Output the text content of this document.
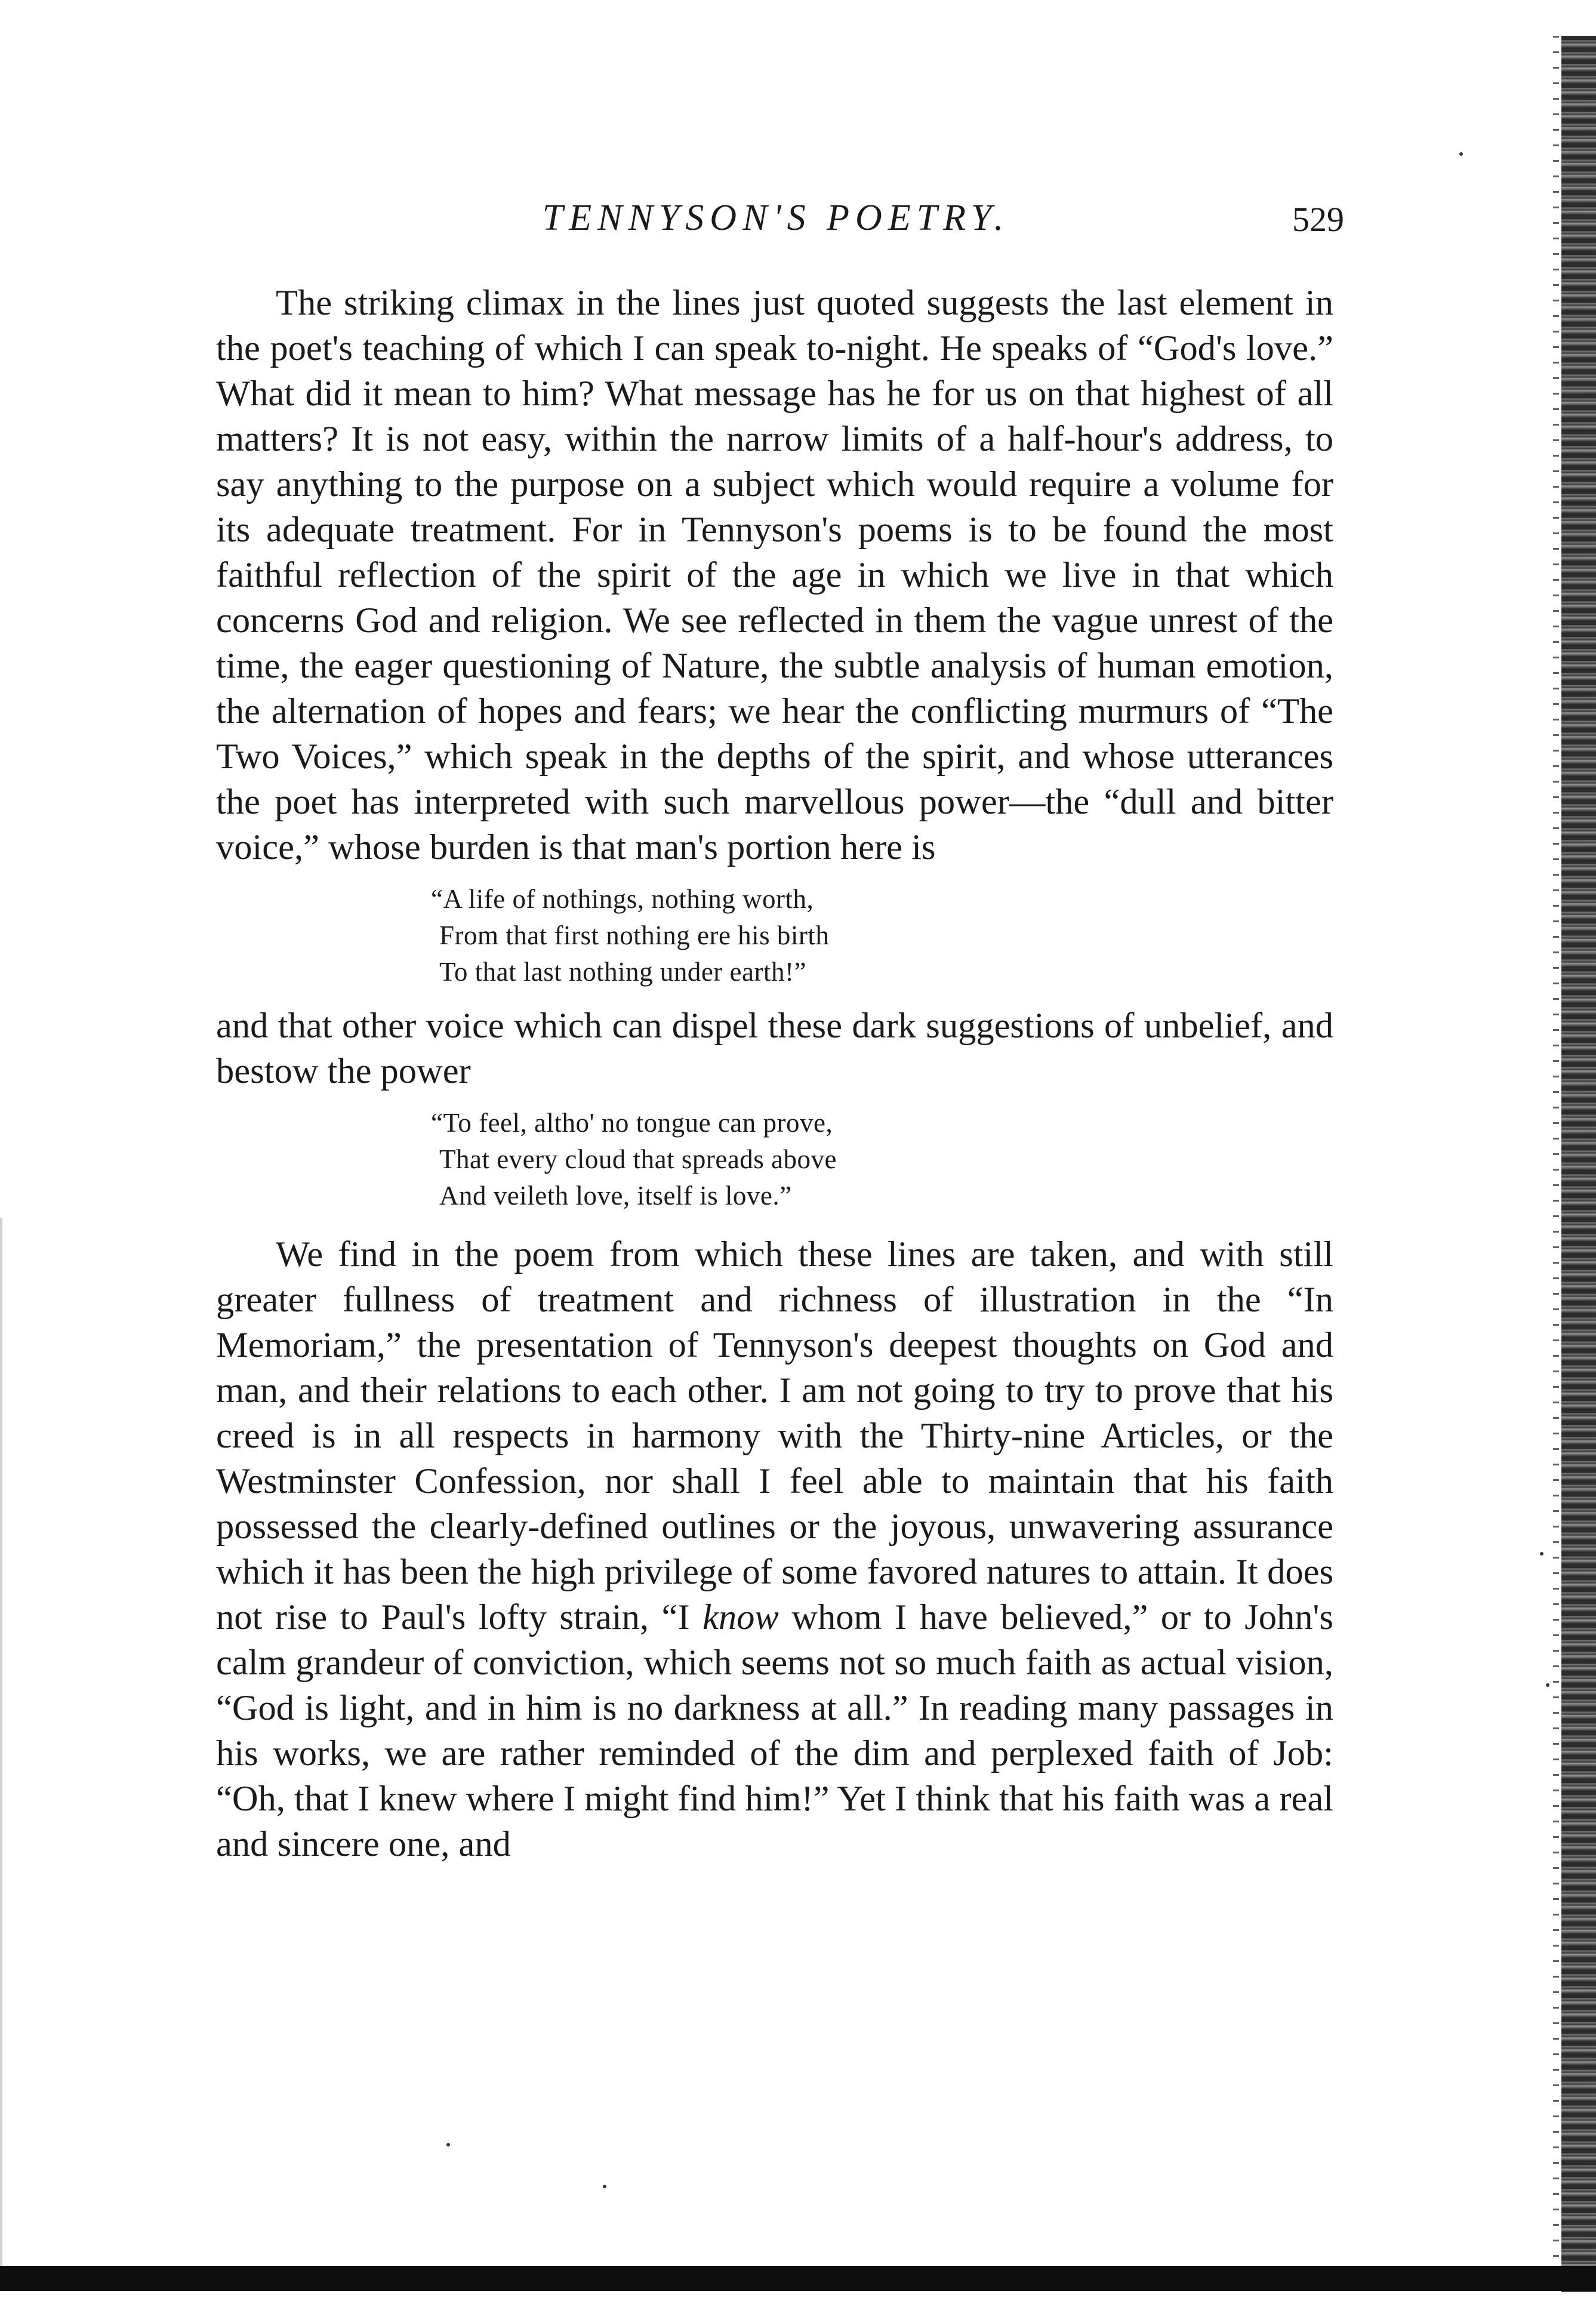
TENNYSON'S POETRY.	529

The striking climax in the lines just quoted suggests the last element in the poet's teaching of which I can speak to-night. He speaks of “God's love.” What did it mean to him? What message has he for us on that highest of all matters? It is not easy, within the narrow limits of a half-hour's address, to say anything to the purpose on a subject which would require a volume for its adequate treatment. For in Tennyson's poems is to be found the most faithful reflection of the spirit of the age in which we live in that which concerns God and religion. We see reflected in them the vague unrest of the time, the eager questioning of Nature, the subtle analysis of human emotion, the alternation of hopes and fears; we hear the conflicting murmurs of “The Two Voices,” which speak in the depths of the spirit, and whose utterances the poet has interpreted with such marvellous power—the “dull and bitter voice,” whose burden is that man's portion here is

“A life of nothings, nothing worth,
From that first nothing ere his birth
To that last nothing under earth!”

and that other voice which can dispel these dark suggestions of unbelief, and bestow the power

“To feel, altho' no tongue can prove,
That every cloud that spreads above
And veileth love, itself is love.”

We find in the poem from which these lines are taken, and with still greater fullness of treatment and richness of illustration in the “In Memoriam,” the presentation of Tennyson's deepest thoughts on God and man, and their relations to each other. I am not going to try to prove that his creed is in all respects in harmony with the Thirty-nine Articles, or the Westminster Confession, nor shall I feel able to maintain that his faith possessed the clearly-defined outlines or the joyous, unwavering assurance which it has been the high privilege of some favored natures to attain. It does not rise to Paul's lofty strain, “I know whom I have believed,” or to John's calm grandeur of conviction, which seems not so much faith as actual vision, “God is light, and in him is no darkness at all.” In reading many passages in his works, we are rather reminded of the dim and perplexed faith of Job: “Oh, that I knew where I might find him!” Yet I think that his faith was a real and sincere one, and
